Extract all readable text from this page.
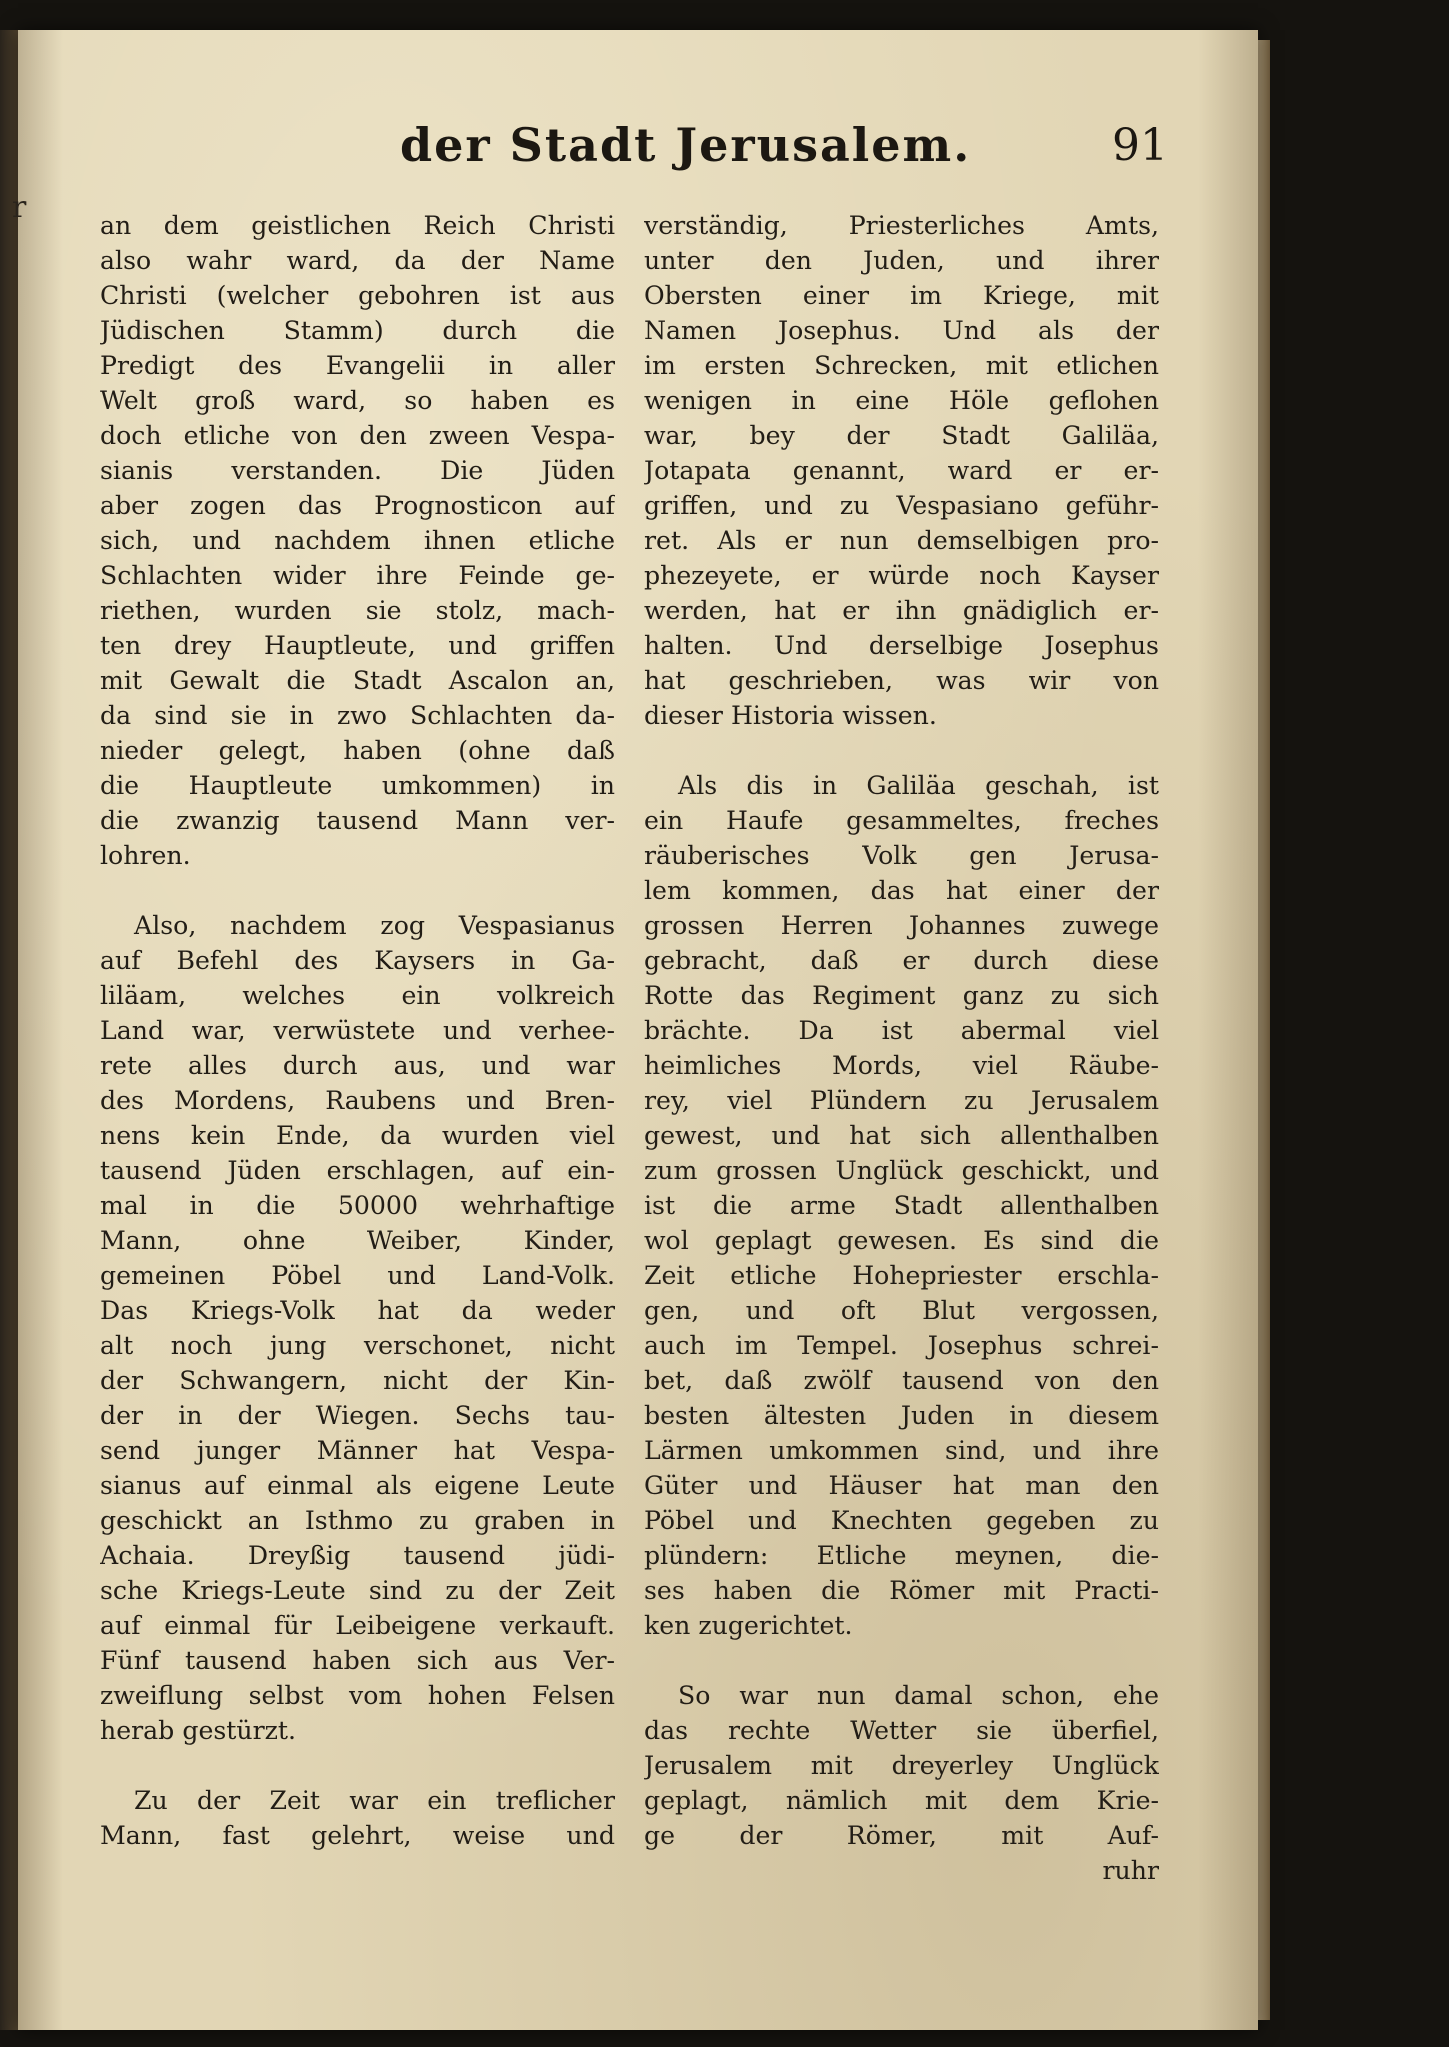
r
der Stadt Jerusalem.	91
an dem geistlichen Reich Christi
also wahr ward, da der Name
Christi (welcher gebohren ist aus
Jüdischen Stamm) durch die
Predigt des Evangelii in aller
Welt groß ward, so haben es
doch etliche von den zween Vespa-
sianis verstanden. Die Jüden
aber zogen das Prognosticon auf
sich, und nachdem ihnen etliche
Schlachten wider ihre Feinde ge-
riethen, wurden sie stolz, mach-
ten drey Hauptleute, und griffen
mit Gewalt die Stadt Ascalon an,
da sind sie in zwo Schlachten da-
nieder gelegt, haben (ohne daß
die Hauptleute umkommen) in
die zwanzig tausend Mann ver-
lohren.
Also, nachdem zog Vespasianus
auf Befehl des Kaysers in Ga-
liläam, welches ein volkreich
Land war, verwüstete und verhee-
rete alles durch aus, und war
des Mordens, Raubens und Bren-
nens kein Ende, da wurden viel
tausend Jüden erschlagen, auf ein-
mal in die 50000 wehrhaftige
Mann, ohne Weiber, Kinder,
gemeinen Pöbel und Land-Volk.
Das Kriegs-Volk hat da weder
alt noch jung verschonet, nicht
der Schwangern, nicht der Kin-
der in der Wiegen. Sechs tau-
send junger Männer hat Vespa-
sianus auf einmal als eigene Leute
geschickt an Isthmo zu graben in
Achaia. Dreyßig tausend jüdi-
sche Kriegs-Leute sind zu der Zeit
auf einmal für Leibeigene verkauft.
Fünf tausend haben sich aus Ver-
zweiflung selbst vom hohen Felsen
herab gestürzt.
Zu der Zeit war ein treflicher
Mann, fast gelehrt, weise und
verständig, Priesterliches Amts,
unter den Juden, und ihrer
Obersten einer im Kriege, mit
Namen Josephus. Und als der
im ersten Schrecken, mit etlichen
wenigen in eine Höle geflohen
war, bey der Stadt Galiläa,
Jotapata genannt, ward er er-
griffen, und zu Vespasiano geführ-
ret. Als er nun demselbigen pro-
phezeyete, er würde noch Kayser
werden, hat er ihn gnädiglich er-
halten. Und derselbige Josephus
hat geschrieben, was wir von
dieser Historia wissen.
Als dis in Galiläa geschah, ist
ein Haufe gesammeltes, freches
räuberisches Volk gen Jerusa-
lem kommen, das hat einer der
grossen Herren Johannes zuwege
gebracht, daß er durch diese
Rotte das Regiment ganz zu sich
brächte. Da ist abermal viel
heimliches Mords, viel Räube-
rey, viel Plündern zu Jerusalem
gewest, und hat sich allenthalben
zum grossen Unglück geschickt, und
ist die arme Stadt allenthalben
wol geplagt gewesen. Es sind die
Zeit etliche Hohepriester erschla-
gen, und oft Blut vergossen,
auch im Tempel. Josephus schrei-
bet, daß zwölf tausend von den
besten ältesten Juden in diesem
Lärmen umkommen sind, und ihre
Güter und Häuser hat man den
Pöbel und Knechten gegeben zu
plündern: Etliche meynen, die-
ses haben die Römer mit Practi-
ken zugerichtet.
So war nun damal schon, ehe
das rechte Wetter sie überfiel,
Jerusalem mit dreyerley Unglück
geplagt, nämlich mit dem Krie-
ge der Römer, mit Auf-
ruhr
